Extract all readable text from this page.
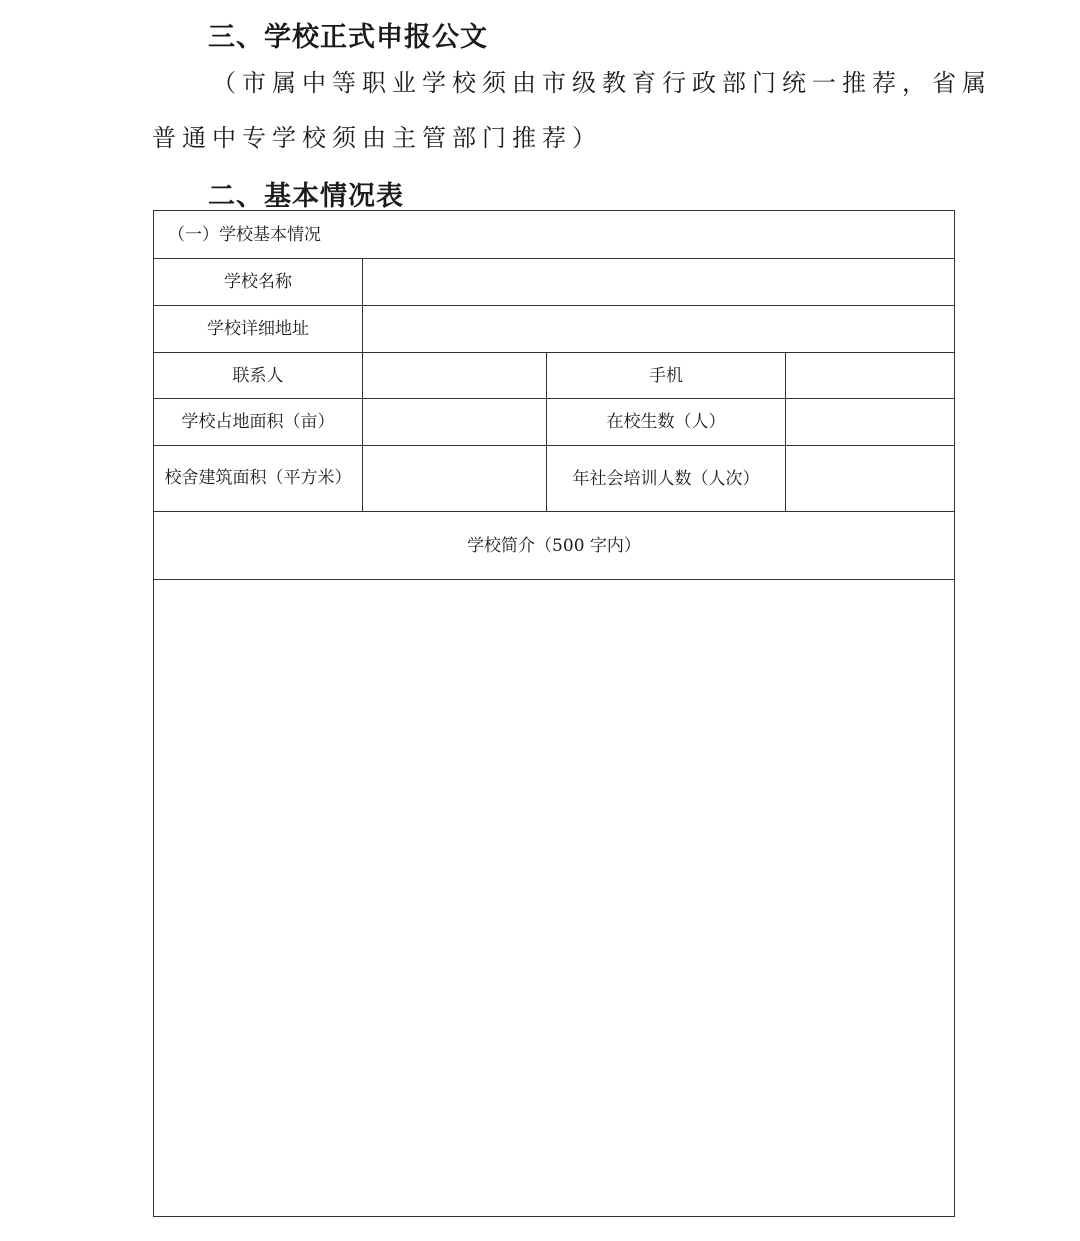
三、学校正式申报公文
（市属中等职业学校须由市级教育行政部门统一推荐，省属
普通中专学校须由主管部门推荐）
二、基本情况表
（一）学校基本情况			
学校名称			
学校详细地址			
联系人		手机	
学校占地面积（亩）		在校生数（人）	
校舍建筑面积（平方米）		年社会培训人数（人次）	
学校简介（500 字内）			
